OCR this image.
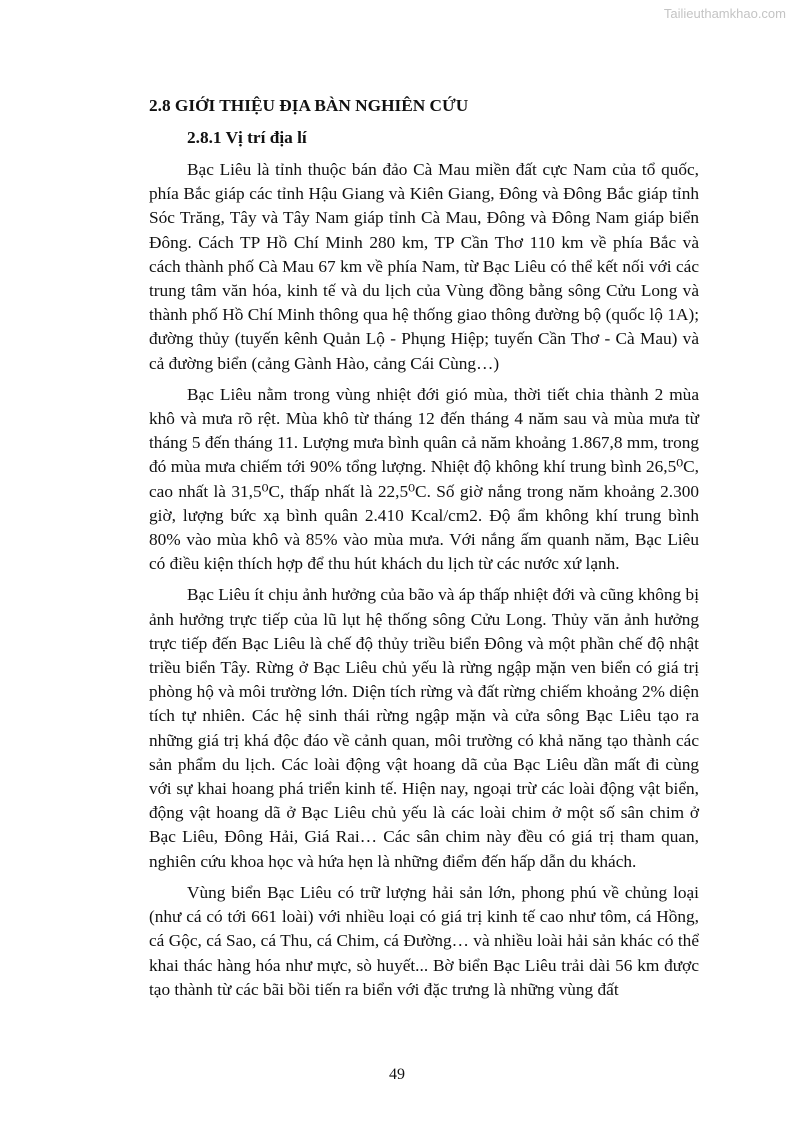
Tailieuthamkhao.com
2.8 GIỚI THIỆU ĐỊA BÀN NGHIÊN CỨU
2.8.1 Vị trí địa lí

Bạc Liêu là tỉnh thuộc bán đảo Cà Mau miền đất cực Nam của tổ quốc, phía Bắc giáp các tỉnh Hậu Giang và Kiên Giang, Đông và Đông Bắc giáp tỉnh Sóc Trăng, Tây và Tây Nam giáp tỉnh Cà Mau, Đông và Đông Nam giáp biển Đông. Cách TP Hồ Chí Minh 280 km, TP Cần Thơ 110 km về phía Bắc và cách thành phố Cà Mau 67 km về phía Nam, từ Bạc Liêu có thể kết nối với các trung tâm văn hóa, kinh tế và du lịch của Vùng đồng bằng sông Cửu Long và thành phố Hồ Chí Minh thông qua hệ thống giao thông đường bộ (quốc lộ 1A); đường thủy (tuyến kênh Quản Lộ - Phụng Hiệp; tuyến Cần Thơ - Cà Mau) và cả đường biển (cảng Gành Hào, cảng Cái Cùng…)

Bạc Liêu nằm trong vùng nhiệt đới gió mùa, thời tiết chia thành 2 mùa khô và mưa rõ rệt. Mùa khô từ tháng 12 đến tháng 4 năm sau và mùa mưa từ tháng 5 đến tháng 11. Lượng mưa bình quân cả năm khoảng 1.867,8 mm, trong đó mùa mưa chiếm tới 90% tổng lượng. Nhiệt độ không khí trung bình 26,5⁰C, cao nhất là 31,5⁰C, thấp nhất là 22,5⁰C. Số giờ nắng trong năm khoảng 2.300 giờ, lượng bức xạ bình quân 2.410 Kcal/cm2. Độ ẩm không khí trung bình 80% vào mùa khô và 85% vào mùa mưa. Với nắng ấm quanh năm, Bạc Liêu có điều kiện thích hợp để thu hút khách du lịch từ các nước xứ lạnh.

Bạc Liêu ít chịu ảnh hưởng của bão và áp thấp nhiệt đới và cũng không bị ảnh hưởng trực tiếp của lũ lụt hệ thống sông Cửu Long. Thủy văn ảnh hưởng trực tiếp đến Bạc Liêu là chế độ thủy triều biển Đông và một phần chế độ nhật triều biển Tây. Rừng ở Bạc Liêu chủ yếu là rừng ngập mặn ven biển có giá trị phòng hộ và môi trường lớn. Diện tích rừng và đất rừng chiếm khoảng 2% diện tích tự nhiên. Các hệ sinh thái rừng ngập mặn và cửa sông Bạc Liêu tạo ra những giá trị khá độc đáo về cảnh quan, môi trường có khả năng tạo thành các sản phẩm du lịch. Các loài động vật hoang dã của Bạc Liêu dần mất đi cùng với sự khai hoang phá triển kinh tế. Hiện nay, ngoại trừ các loài động vật biển, động vật hoang dã ở Bạc Liêu chủ yếu là các loài chim ở một số sân chim ở Bạc Liêu, Đông Hải, Giá Rai… Các sân chim này đều có giá trị tham quan, nghiên cứu khoa học và hứa hẹn là những điểm đến hấp dẫn du khách.

Vùng biển Bạc Liêu có trữ lượng hải sản lớn, phong phú về chủng loại (như cá có tới 661 loài) với nhiều loại có giá trị kinh tế cao như tôm, cá Hồng, cá Gộc, cá Sao, cá Thu, cá Chim, cá Đường… và nhiều loài hải sản khác có thể khai thác hàng hóa như mực, sò huyết... Bờ biển Bạc Liêu trải dài 56 km được tạo thành từ các bãi bồi tiến ra biển với đặc trưng là những vùng đất

49
